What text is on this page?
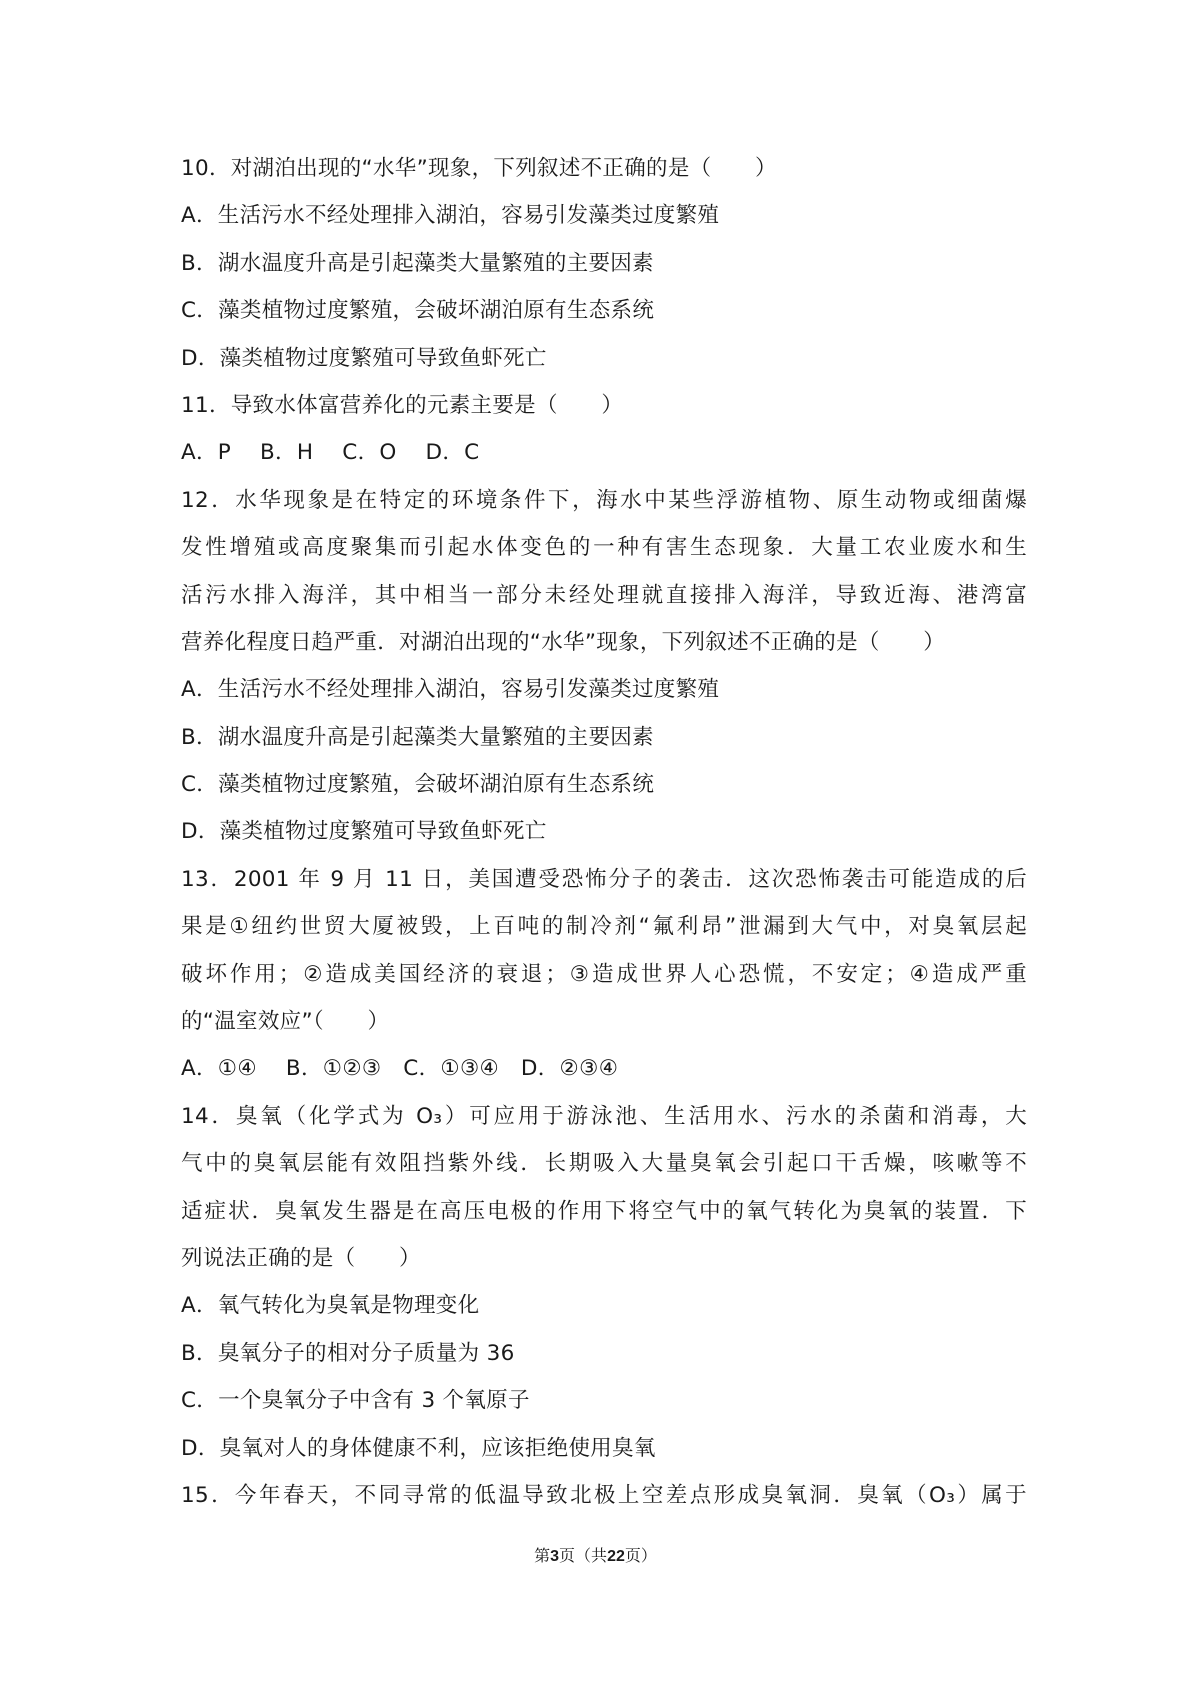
10．对湖泊出现的“水华”现象，下列叙述不正确的是（　　）
A．生活污水不经处理排入湖泊，容易引发藻类过度繁殖
B．湖水温度升高是引起藻类大量繁殖的主要因素
C．藻类植物过度繁殖，会破坏湖泊原有生态系统
D．藻类植物过度繁殖可导致鱼虾死亡
11．导致水体富营养化的元素主要是（　　）
A．P　 B．H　 C．O　 D．C
12．水华现象是在特定的环境条件下，海水中某些浮游植物、原生动物或细菌爆
发性增殖或高度聚集而引起水体变色的一种有害生态现象．大量工农业废水和生
活污水排入海洋，其中相当一部分未经处理就直接排入海洋，导致近海、港湾富
营养化程度日趋严重．对湖泊出现的“水华”现象，下列叙述不正确的是（　　）
A．生活污水不经处理排入湖泊，容易引发藻类过度繁殖
B．湖水温度升高是引起藻类大量繁殖的主要因素
C．藻类植物过度繁殖，会破坏湖泊原有生态系统
D．藻类植物过度繁殖可导致鱼虾死亡
13．2001 年 9 月 11 日，美国遭受恐怖分子的袭击．这次恐怖袭击可能造成的后
果是①纽约世贸大厦被毁，上百吨的制冷剂“氟利昂”泄漏到大气中，对臭氧层起
破坏作用；②造成美国经济的衰退；③造成世界人心恐慌，不安定；④造成严重
的“温室效应”（　　）
A．①④　 B．①②③　C．①③④　D．②③④
14．臭氧（化学式为 O₃）可应用于游泳池、生活用水、污水的杀菌和消毒，大
气中的臭氧层能有效阻挡紫外线．长期吸入大量臭氧会引起口干舌燥，咳嗽等不
适症状．臭氧发生器是在高压电极的作用下将空气中的氧气转化为臭氧的装置．下
列说法正确的是（　　）
A．氧气转化为臭氧是物理变化
B．臭氧分子的相对分子质量为 36
C．一个臭氧分子中含有 3 个氧原子
D．臭氧对人的身体健康不利，应该拒绝使用臭氧
15．今年春天，不同寻常的低温导致北极上空差点形成臭氧洞．臭氧（O₃）属于
第3页（共22页）
